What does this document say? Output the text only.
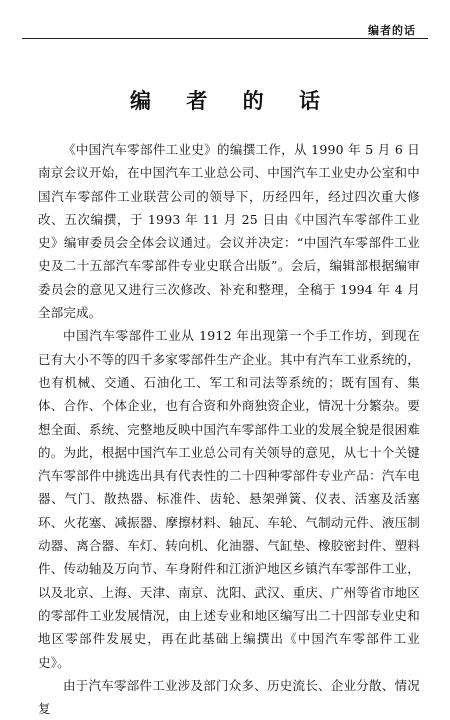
编者的话
编 者 的 话

《中国汽车零部件工业史》的编撰工作，从 1990 年 5 月 6 日南京会议开始，在中国汽车工业总公司、中国汽车工业史办公室和中国汽车零部件工业联营公司的领导下，历经四年，经过四次重大修改、五次编撰，于 1993 年 11 月 25 日由《中国汽车零部件工业史》编审委员会全体会议通过。会议并决定：“中国汽车零部件工业史及二十五部汽车零部件专业史联合出版”。会后，编辑部根据编审委员会的意见又进行三次修改、补充和整理，全稿于 1994 年 4 月全部完成。

中国汽车零部件工业从 1912 年出现第一个手工作坊，到现在已有大小不等的四千多家零部件生产企业。其中有汽车工业系统的，也有机械、交通、石油化工、军工和司法等系统的；既有国有、集体、合作、个体企业，也有合资和外商独资企业，情况十分繁杂。要想全面、系统、完整地反映中国汽车零部件工业的发展全貌是很困难的。为此，根据中国汽车工业总公司有关领导的意见，从七十个关键汽车零部件中挑选出具有代表性的二十四种零部件专业产品：汽车电器、气门、散热器、标准件、齿轮、悬架弹簧、仪表、活塞及活塞环、火花塞、减振器、摩擦材料、轴瓦、车轮、气制动元件、液压制动器、离合器、车灯、转向机、化油器、气缸垫、橡胶密封件、塑料件、传动轴及万向节、车身附件和江浙沪地区乡镇汽车零部件工业，以及北京、上海、天津、南京、沈阳、武汉、重庆、广州等省市地区的零部件工业发展情况，由上述专业和地区编写出二十四部专业史和地区零部件发展史，再在此基础上编撰出《中国汽车零部件工业史》。

由于汽车零部件工业涉及部门众多、历史流长、企业分散、情况复
